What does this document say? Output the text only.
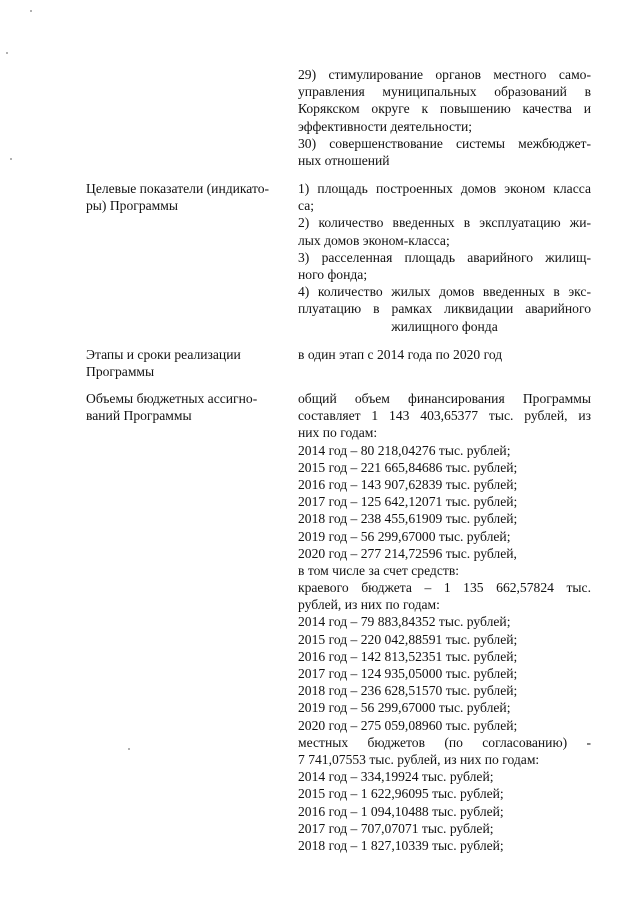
29) стимулирование органов местного само-
управления муниципальных образований в
Корякском округе к повышению качества и
эффективности деятельности;
30) совершенствование системы межбюджет-
ных отношений
Целевые показатели (индикато-
ры) Программы
1) площадь построенных домов эконом класса
са;
2) количество введенных в эксплуатацию жи-
лых домов эконом-класса;
3) расселенная площадь аварийного жилищ-
ного фонда;
4) количество жилых домов введенных в экс-
плуатацию в рамках ликвидации аварийного
жилищного фонда
Этапы и сроки реализации
Программы
в один этап с 2014 года по 2020 год
Объемы бюджетных ассигно-
ваний Программы
общий объем финансирования Программы
составляет 1 143 403,65377 тыс. рублей, из
них по годам:
2014 год – 80 218,04276 тыс. рублей;
2015 год – 221 665,84686 тыс. рублей;
2016 год – 143 907,62839 тыс. рублей;
2017 год – 125 642,12071 тыс. рублей;
2018 год – 238 455,61909 тыс. рублей;
2019 год – 56 299,67000 тыс. рублей;
2020 год – 277 214,72596 тыс. рублей,
в том числе за счет средств:
краевого бюджета – 1 135 662,57824 тыс.
рублей, из них по годам:
2014 год – 79 883,84352 тыс. рублей;
2015 год – 220 042,88591 тыс. рублей;
2016 год – 142 813,52351 тыс. рублей;
2017 год – 124 935,05000 тыс. рублей;
2018 год – 236 628,51570 тыс. рублей;
2019 год – 56 299,67000 тыс. рублей;
2020 год – 275 059,08960 тыс. рублей;
местных бюджетов (по согласованию) -
7 741,07553 тыс. рублей, из них по годам:
2014 год – 334,19924 тыс. рублей;
2015 год – 1 622,96095 тыс. рублей;
2016 год – 1 094,10488 тыс. рублей;
2017 год – 707,07071 тыс. рублей;
2018 год – 1 827,10339 тыс. рублей;
